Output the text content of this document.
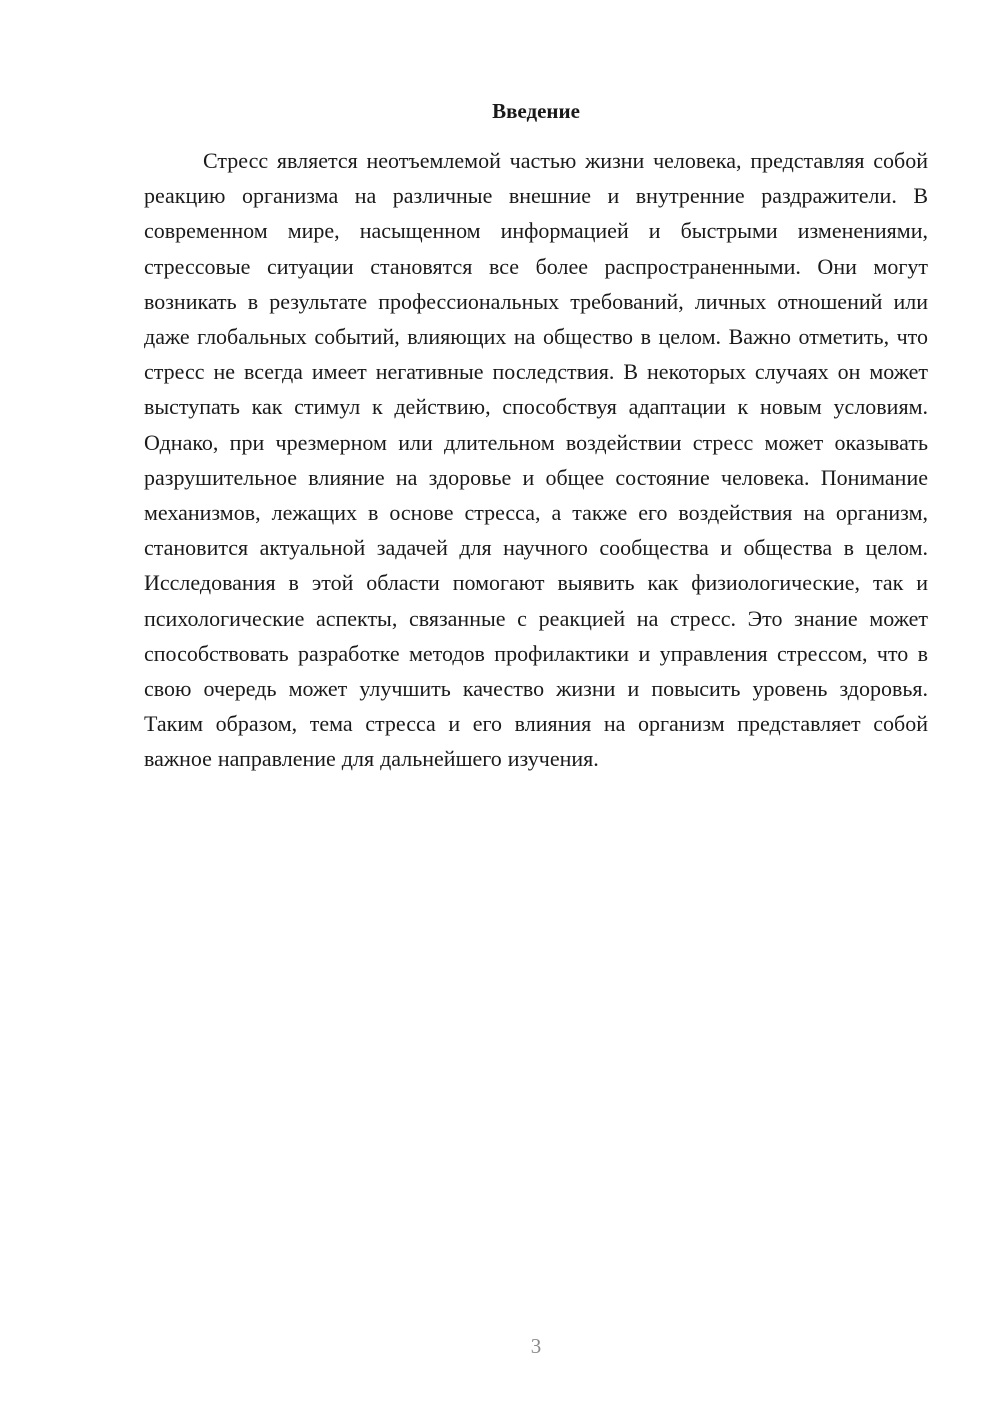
Введение

Стресс является неотъемлемой частью жизни человека, представляя собой реакцию организма на различные внешние и внутренние раздражители. В современном мире, насыщенном информацией и быстрыми изменениями, стрессовые ситуации становятся все более распространенными. Они могут возникать в результате профессиональных требований, личных отношений или даже глобальных событий, влияющих на общество в целом. Важно отметить, что стресс не всегда имеет негативные последствия. В некоторых случаях он может выступать как стимул к действию, способствуя адаптации к новым условиям. Однако, при чрезмерном или длительном воздействии стресс может оказывать разрушительное влияние на здоровье и общее состояние человека. Понимание механизмов, лежащих в основе стресса, а также его воздействия на организм, становится актуальной задачей для научного сообщества и общества в целом. Исследования в этой области помогают выявить как физиологические, так и психологические аспекты, связанные с реакцией на стресс. Это знание может способствовать разработке методов профилактики и управления стрессом, что в свою очередь может улучшить качество жизни и повысить уровень здоровья. Таким образом, тема стресса и его влияния на организм представляет собой важное направление для дальнейшего изучения.

3
